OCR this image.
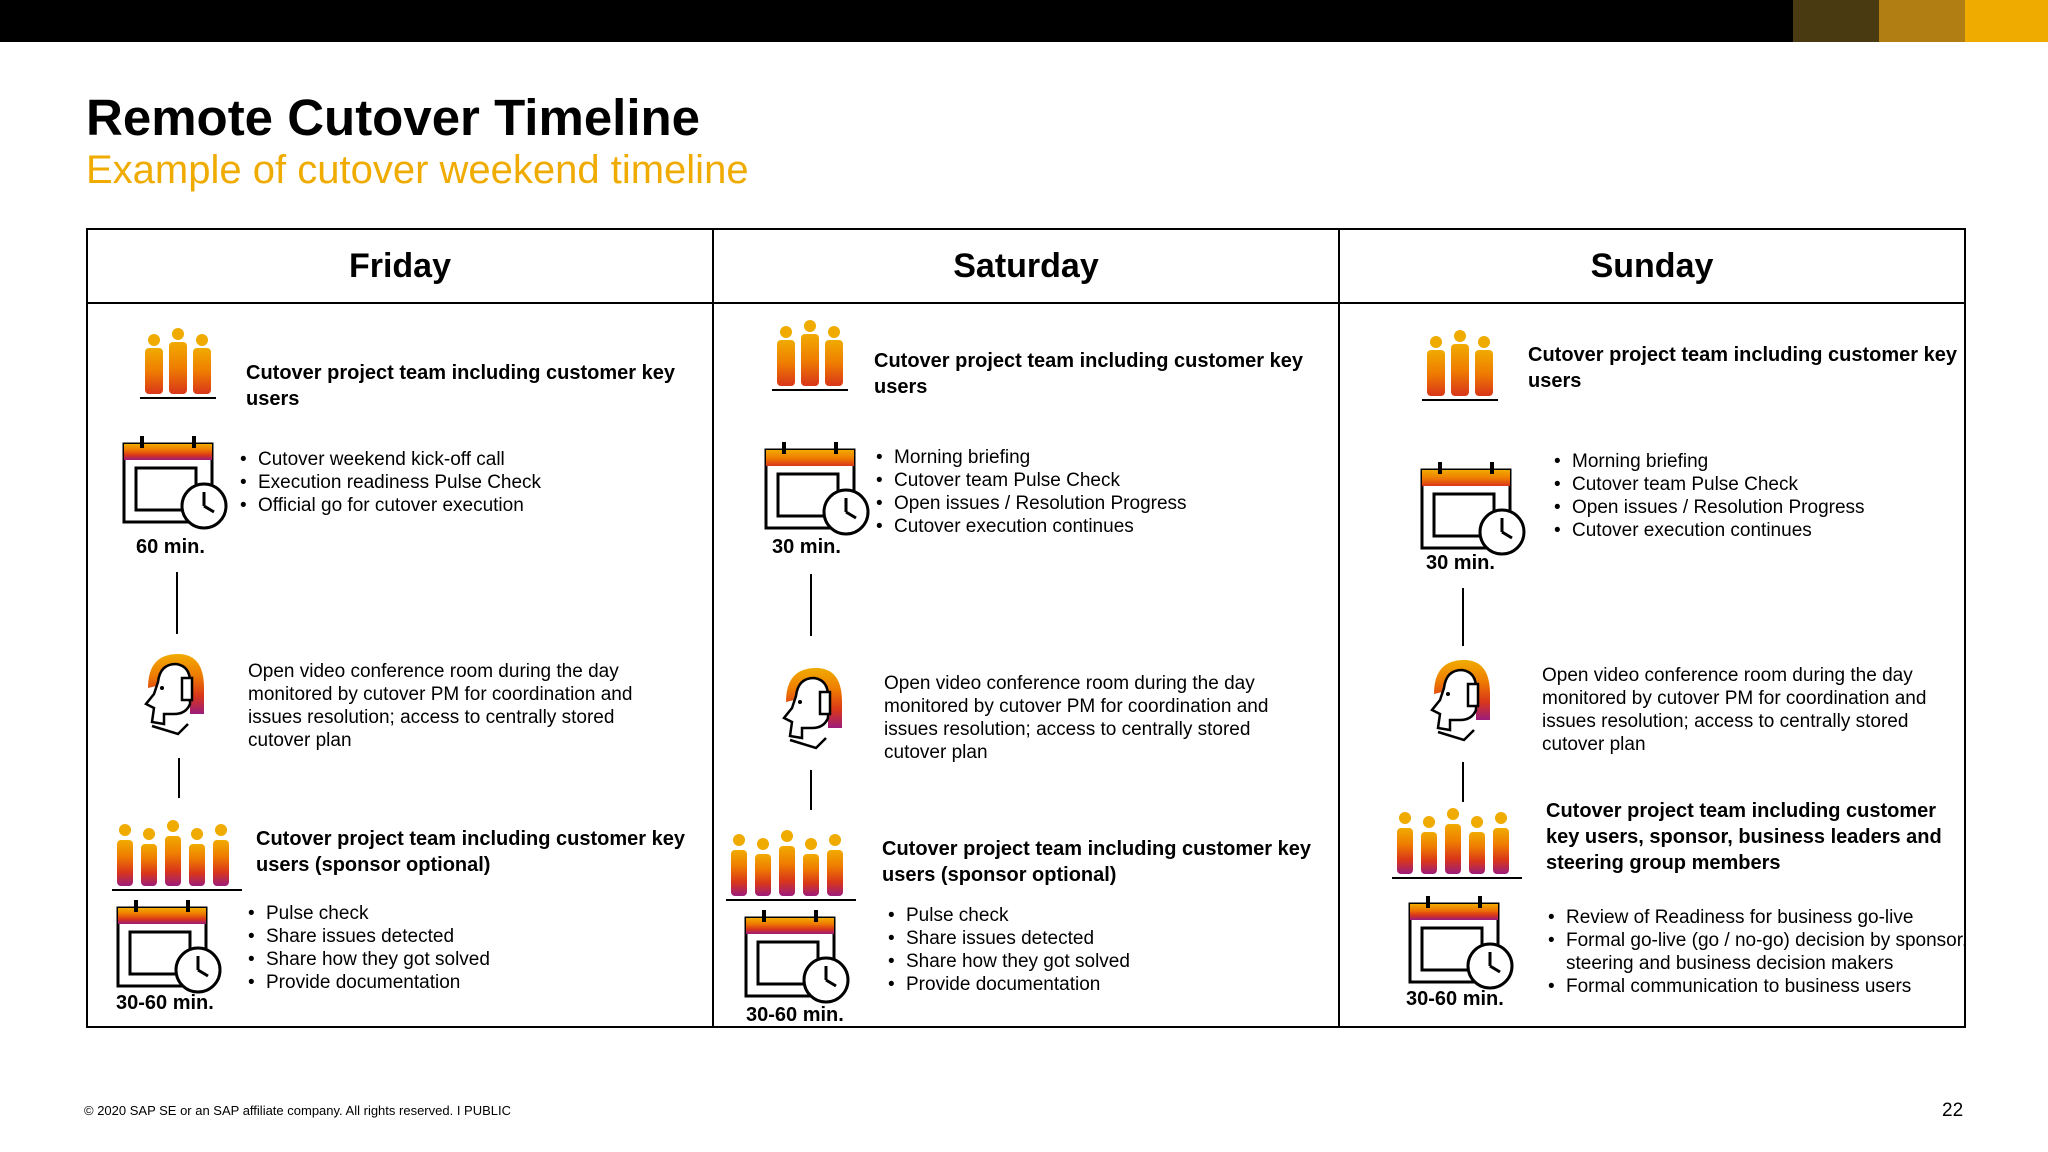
Remote Cutover Timeline
Example of cutover weekend timeline
Friday
Cutover project team including customer key users
• Cutover weekend kick-off call
• Execution readiness Pulse Check
• Official go for cutover execution
60 min.
Open video conference room during the day monitored by cutover PM for coordination and issues resolution; access to centrally stored cutover plan
Cutover project team including customer key users (sponsor optional)
• Pulse check
• Share issues detected
• Share how they got solved
• Provide documentation
30-60 min.
Saturday
Cutover project team including customer key users
• Morning briefing
• Cutover team Pulse Check
• Open issues / Resolution Progress
• Cutover execution continues
30 min.
Open video conference room during the day monitored by cutover PM for coordination and issues resolution; access to centrally stored cutover plan
Cutover project team including customer key users (sponsor optional)
• Pulse check
• Share issues detected
• Share how they got solved
• Provide documentation
30-60 min.
Sunday
Cutover project team including customer key users
• Morning briefing
• Cutover team Pulse Check
• Open issues / Resolution Progress
• Cutover execution continues
30 min.
Open video conference room during the day monitored by cutover PM for coordination and issues resolution; access to centrally stored cutover plan
Cutover project team including customer key users, sponsor, business leaders and steering group members
• Review of Readiness for business go-live
• Formal go-live (go / no-go) decision by sponsor, steering and business decision makers
• Formal communication to business users
30-60 min.
© 2020 SAP SE or an SAP affiliate company. All rights reserved. I PUBLIC	22
